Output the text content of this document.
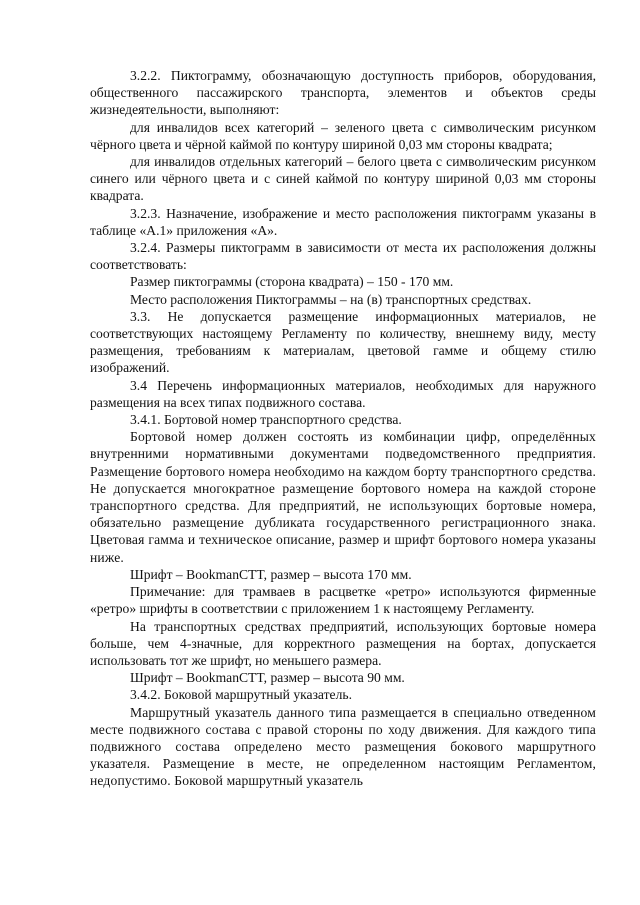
3.2.2. Пиктограмму, обозначающую доступность приборов, оборудования, общественного пассажирского транспорта, элементов и объектов среды жизнедеятельности, выполняют:

для инвалидов всех категорий – зеленого цвета с символическим рисунком чёрного цвета и чёрной каймой по контуру шириной 0,03 мм стороны квадрата;

для инвалидов отдельных категорий – белого цвета с символическим рисунком синего или чёрного цвета и с синей каймой по контуру шириной 0,03 мм стороны квадрата.

3.2.3. Назначение, изображение и место расположения пиктограмм указаны в таблице «А.1» приложения «А».

3.2.4. Размеры пиктограмм в зависимости от места их расположения должны соответствовать:

Размер пиктограммы (сторона квадрата) – 150 - 170 мм.

Место расположения Пиктограммы – на (в) транспортных средствах.

3.3. Не допускается размещение информационных материалов, не соответствующих настоящему Регламенту по количеству, внешнему виду, месту размещения, требованиям к материалам, цветовой гамме и общему стилю изображений.

3.4 Перечень информационных материалов, необходимых для наружного размещения на всех типах подвижного состава.

3.4.1. Бортовой номер транспортного средства.

Бортовой номер должен состоять из комбинации цифр, определённых внутренними нормативными документами подведомственного предприятия. Размещение бортового номера необходимо на каждом борту транспортного средства. Не допускается многократное размещение бортового номера на каждой стороне транспортного средства. Для предприятий, не использующих бортовые номера, обязательно размещение дубликата государственного регистрационного знака. Цветовая гамма и техническое описание, размер и шрифт бортового номера указаны ниже.

Шрифт – BookmanCTT, размер – высота 170 мм.

Примечание: для трамваев в расцветке «ретро» используются фирменные «ретро» шрифты в соответствии с приложением 1 к настоящему Регламенту.

На транспортных средствах предприятий, использующих бортовые номера больше, чем 4-значные, для корректного размещения на бортах, допускается использовать тот же шрифт, но меньшего размера.

Шрифт – BookmanCTT, размер – высота 90 мм.

3.4.2. Боковой маршрутный указатель.

Маршрутный указатель данного типа размещается в специально отведенном месте подвижного состава с правой стороны по ходу движения. Для каждого типа подвижного состава определено место размещения бокового маршрутного указателя. Размещение в месте, не определенном настоящим Регламентом, недопустимо. Боковой маршрутный указатель
